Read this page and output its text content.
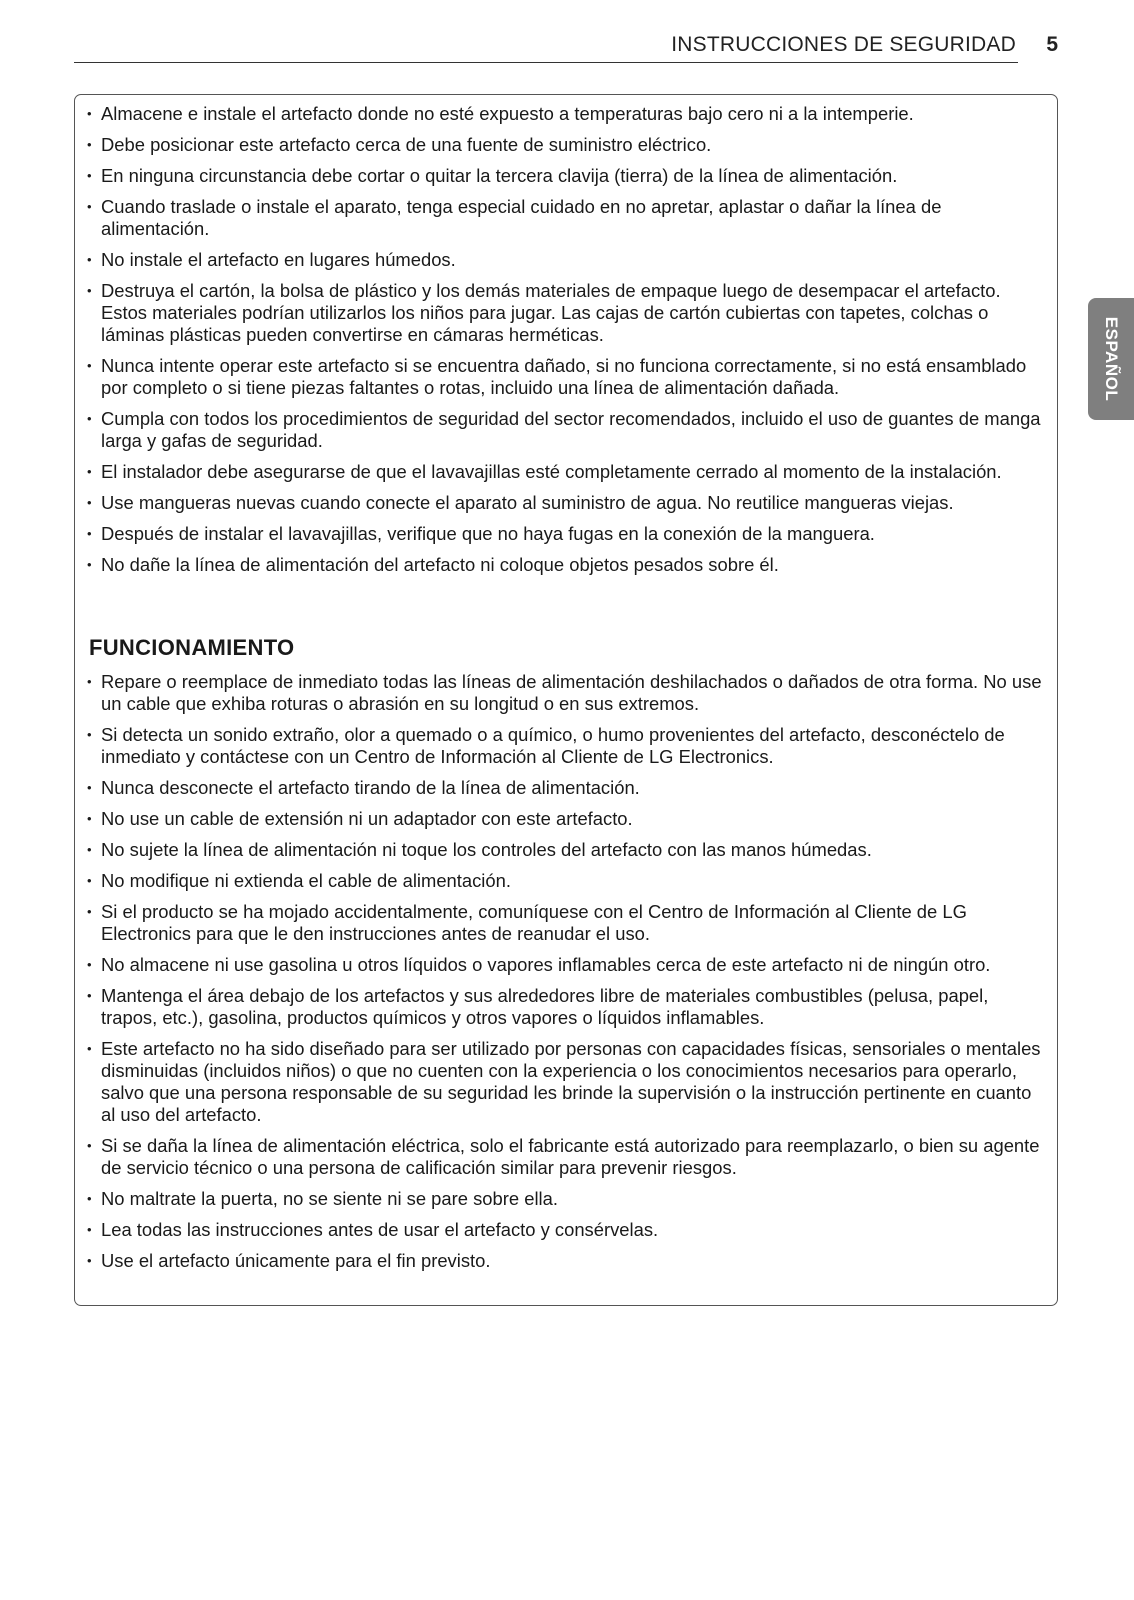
INSTRUCCIONES DE SEGURIDAD 5
ESPAÑOL
• Almacene e instale el artefacto donde no esté expuesto a temperaturas bajo cero ni a la intemperie.
• Debe posicionar este artefacto cerca de una fuente de suministro eléctrico.
• En ninguna circunstancia debe cortar o quitar la tercera clavija (tierra) de la línea de alimentación.
• Cuando traslade o instale el aparato, tenga especial cuidado en no apretar, aplastar o dañar la línea de alimentación.
• No instale el artefacto en lugares húmedos.
• Destruya el cartón, la bolsa de plástico y los demás materiales de empaque luego de desempacar el artefacto. Estos materiales podrían utilizarlos los niños para jugar. Las cajas de cartón cubiertas con tapetes, colchas o láminas plásticas pueden convertirse en cámaras herméticas.
• Nunca intente operar este artefacto si se encuentra dañado, si no funciona correctamente, si no está ensamblado por completo o si tiene piezas faltantes o rotas, incluido una línea de alimentación dañada.
• Cumpla con todos los procedimientos de seguridad del sector recomendados, incluido el uso de guantes de manga larga y gafas de seguridad.
• El instalador debe asegurarse de que el lavavajillas esté completamente cerrado al momento de la instalación.
• Use mangueras nuevas cuando conecte el aparato al suministro de agua. No reutilice mangueras viejas.
• Después de instalar el lavavajillas, verifique que no haya fugas en la conexión de la manguera.
• No dañe la línea de alimentación del artefacto ni coloque objetos pesados sobre él.
FUNCIONAMIENTO
• Repare o reemplace de inmediato todas las líneas de alimentación deshilachados o dañados de otra forma. No use un cable que exhiba roturas o abrasión en su longitud o en sus extremos.
• Si detecta un sonido extraño, olor a quemado o a químico, o humo provenientes del artefacto, desconéctelo de inmediato y contáctese con un Centro de Información al Cliente de LG Electronics.
• Nunca desconecte el artefacto tirando de la línea de alimentación.
• No use un cable de extensión ni un adaptador con este artefacto.
• No sujete la línea de alimentación ni toque los controles del artefacto con las manos húmedas.
• No modifique ni extienda el cable de alimentación.
• Si el producto se ha mojado accidentalmente, comuníquese con el Centro de Información al Cliente de LG Electronics para que le den instrucciones antes de reanudar el uso.
• No almacene ni use gasolina u otros líquidos o vapores inflamables cerca de este artefacto ni de ningún otro.
• Mantenga el área debajo de los artefactos y sus alrededores libre de materiales combustibles (pelusa, papel, trapos, etc.), gasolina, productos químicos y otros vapores o líquidos inflamables.
• Este artefacto no ha sido diseñado para ser utilizado por personas con capacidades físicas, sensoriales o mentales disminuidas (incluidos niños) o que no cuenten con la experiencia o los conocimientos necesarios para operarlo, salvo que una persona responsable de su seguridad les brinde la supervisión o la instrucción pertinente en cuanto al uso del artefacto.
• Si se daña la línea de alimentación eléctrica, solo el fabricante está autorizado para reemplazarlo, o bien su agente de servicio técnico o una persona de calificación similar para prevenir riesgos.
• No maltrate la puerta, no se siente ni se pare sobre ella.
• Lea todas las instrucciones antes de usar el artefacto y consérvelas.
• Use el artefacto únicamente para el fin previsto.
